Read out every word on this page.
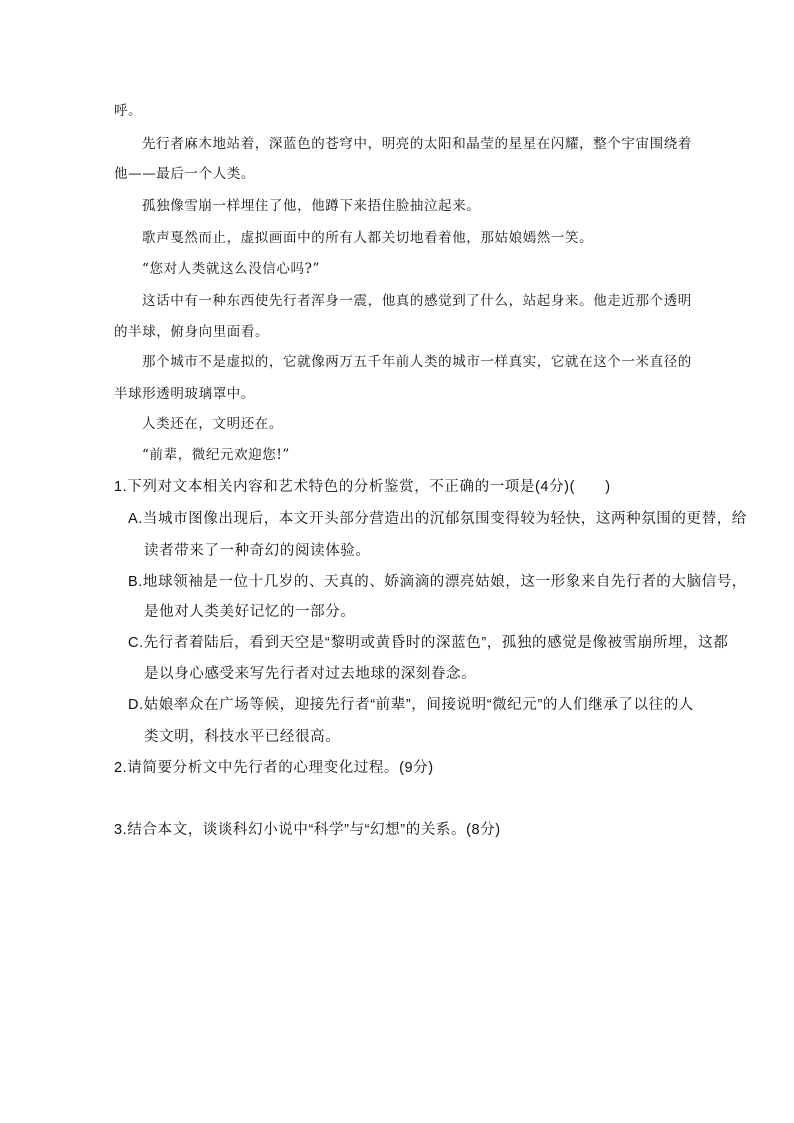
呼。
先行者麻木地站着，深蓝色的苍穹中，明亮的太阳和晶莹的星星在闪耀，整个宇宙围绕着
他——最后一个人类。
孤独像雪崩一样埋住了他，他蹲下来捂住脸抽泣起来。
歌声戛然而止，虚拟画面中的所有人都关切地看着他，那姑娘嫣然一笑。
“您对人类就这么没信心吗?”
这话中有一种东西使先行者浑身一震，他真的感觉到了什么，站起身来。他走近那个透明
的半球，俯身向里面看。
那个城市不是虚拟的，它就像两万五千年前人类的城市一样真实，它就在这个一米直径的
半球形透明玻璃罩中。
人类还在，文明还在。
“前辈，微纪元欢迎您!”
1.下列对文本相关内容和艺术特色的分析鉴赏，不正确的一项是(4分)(　　)
A.当城市图像出现后，本文开头部分营造出的沉郁氛围变得较为轻快，这两种氛围的更替，给
读者带来了一种奇幻的阅读体验。
B.地球领袖是一位十几岁的、天真的、娇滴滴的漂亮姑娘，这一形象来自先行者的大脑信号，
是他对人类美好记忆的一部分。
C.先行者着陆后，看到天空是“黎明或黄昏时的深蓝色”，孤独的感觉是像被雪崩所埋，这都
是以身心感受来写先行者对过去地球的深刻眷念。
D.姑娘率众在广场等候，迎接先行者“前辈”，间接说明“微纪元”的人们继承了以往的人
类文明，科技水平已经很高。
2.请简要分析文中先行者的心理变化过程。(9分)
3.结合本文，谈谈科幻小说中“科学”与“幻想”的关系。(8分)
